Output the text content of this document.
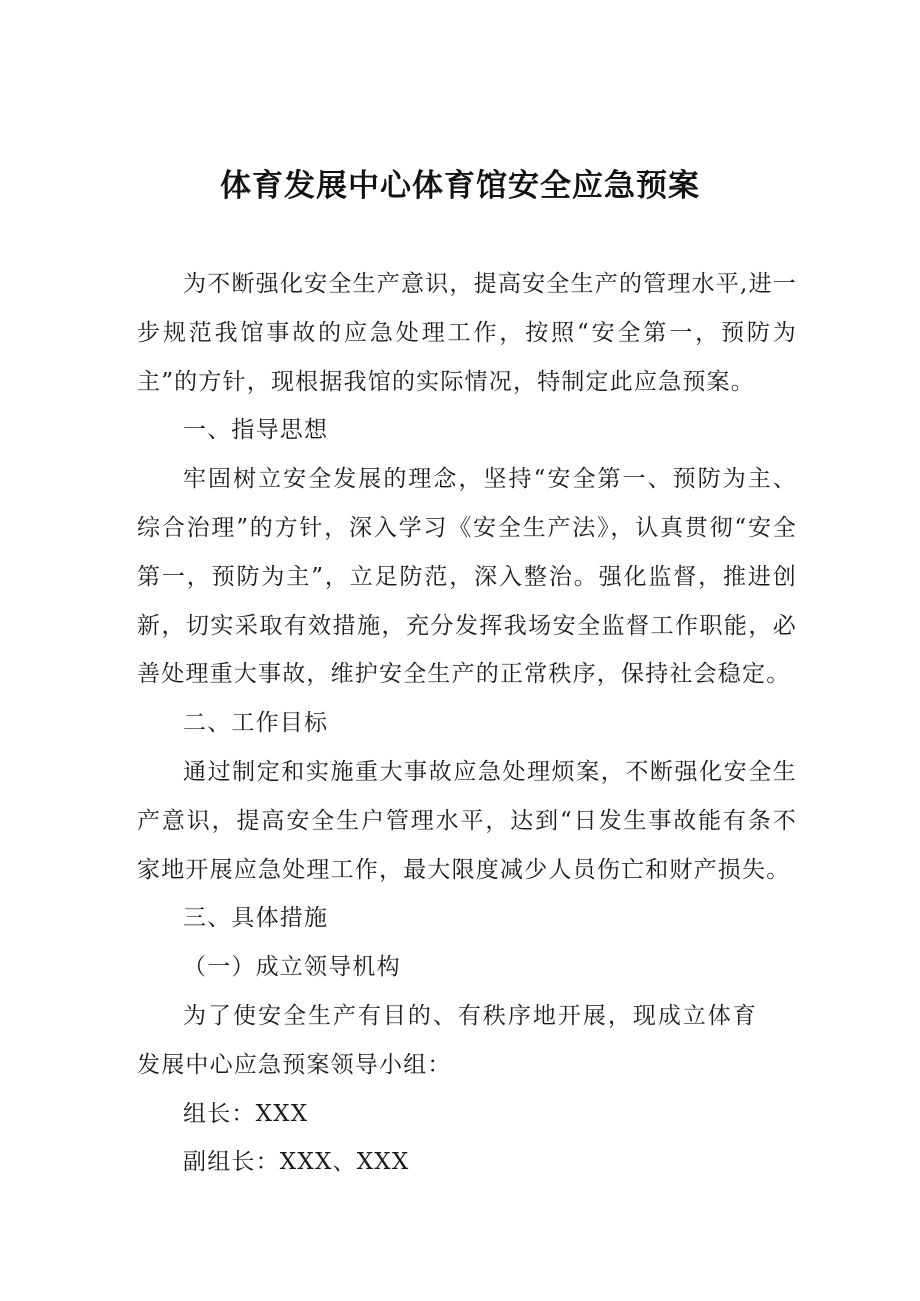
体育发展中心体育馆安全应急预案

为不断强化安全生产意识，提高安全生产的管理水平,进一步规范我馆事故的应急处理工作，按照“安全第一，预防为主”的方针，现根据我馆的实际情况，特制定此应急预案。

一、指导思想

牢固树立安全发展的理念，坚持“安全第一、预防为主、综合治理”的方针，深入学习《安全生产法》，认真贯彻“安全第一，预防为主”，立足防范，深入整治。强化监督，推进创新，切实采取有效措施，充分发挥我场安全监督工作职能，必善处理重大事故，维护安全生产的正常秩序，保持社会稳定。

二、工作目标

通过制定和实施重大事故应急处理烦案，不断强化安全生产意识，提高安全生户管理水平，达到“日发生事故能有条不家地开展应急处理工作，最大限度减少人员伤亡和财产损失。

三、具体措施

（一）成立领导机构

为了使安全生产有目的、有秩序地开展，现成立体育发展中心应急预案领导小组：

组长：XXX

副组长：XXX、XXX
